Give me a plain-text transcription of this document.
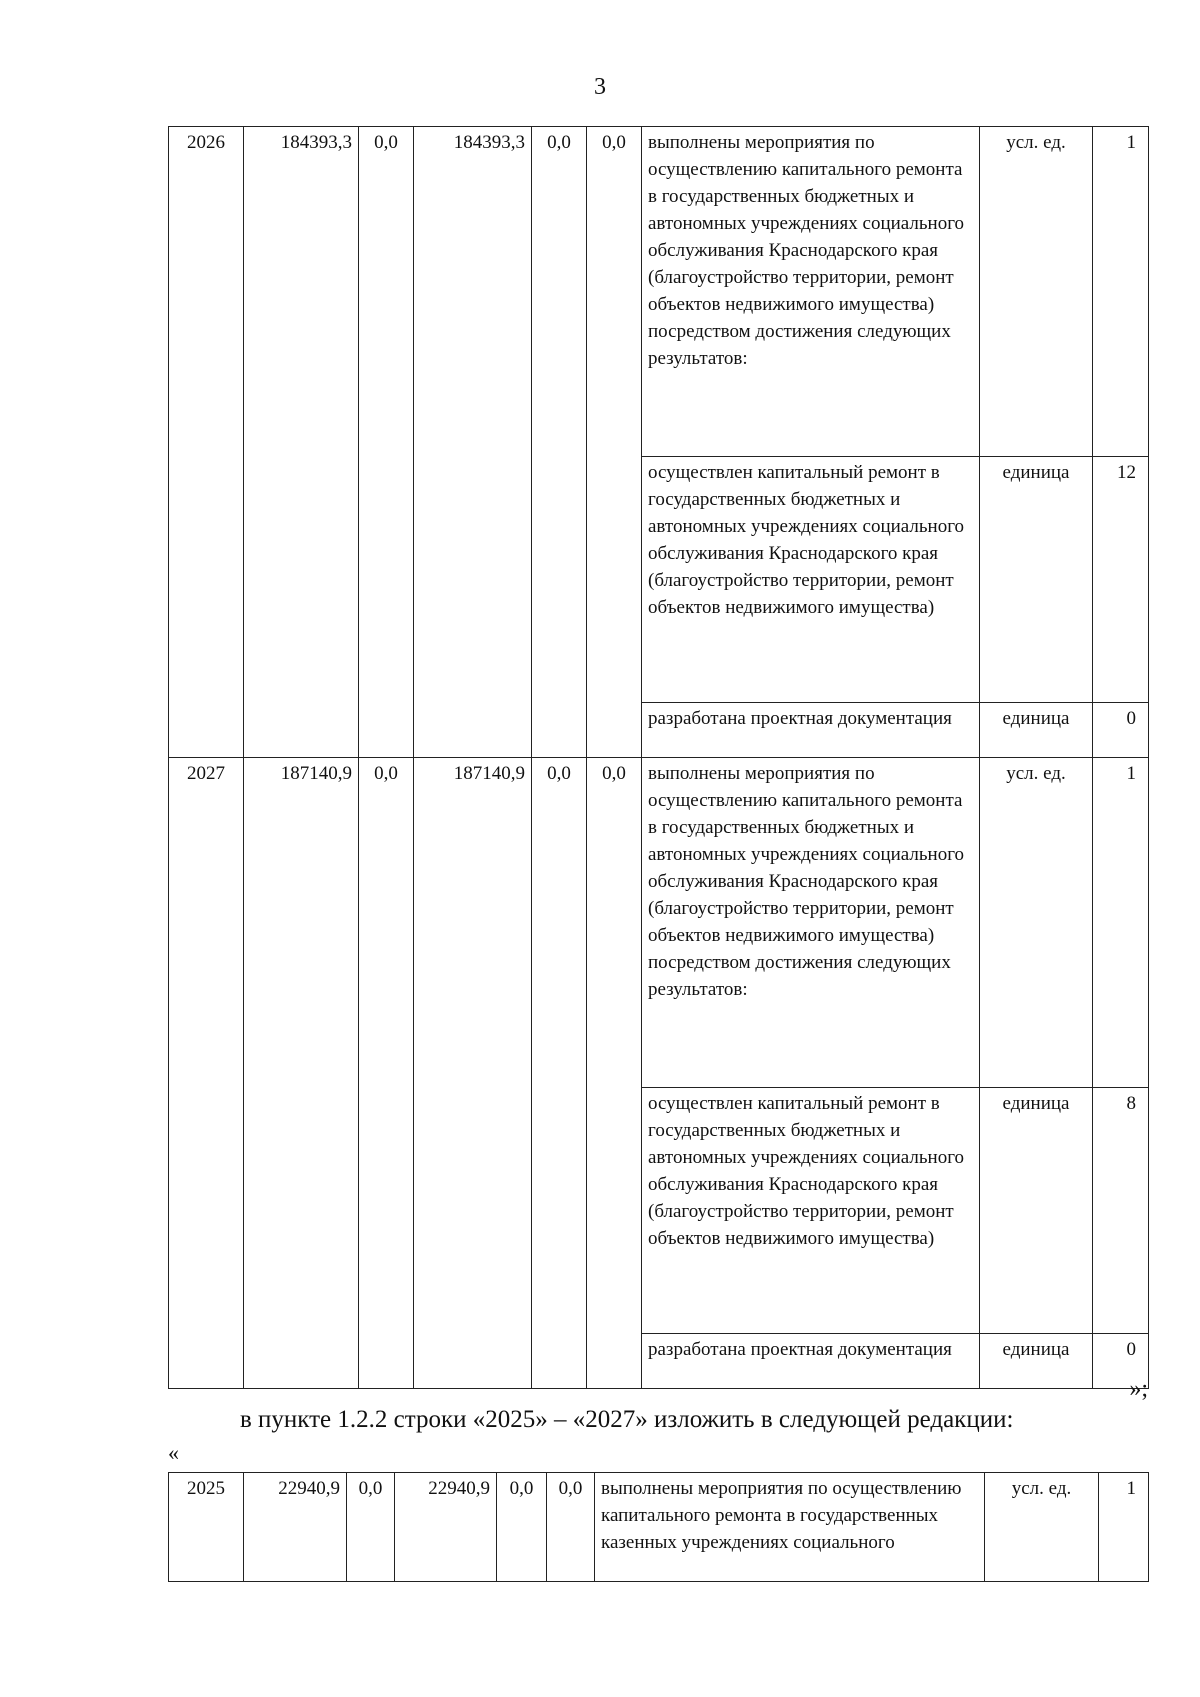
3
2026	184393,3	0,0	184393,3	0,0	0,0	выполнены мероприятия по осуществлению капитального ремонта в государственных бюджетных и автономных учреждениях социального обслуживания Краснодарского края (благоустройство территории, ремонт объектов недвижимого имущества) посредством достижения следующих результатов:	усл. ед.	1
						осуществлен капитальный ремонт в государственных бюджетных и автономных учреждениях социального обслуживания Краснодарского края (благоустройство территории, ремонт объектов недвижимого имущества)	единица	12
						разработана проектная документация	единица	0
2027	187140,9	0,0	187140,9	0,0	0,0	выполнены мероприятия по осуществлению капитального ремонта в государственных бюджетных и автономных учреждениях социального обслуживания Краснодарского края (благоустройство территории, ремонт объектов недвижимого имущества) посредством достижения следующих результатов:	усл. ед.	1
						осуществлен капитальный ремонт в государственных бюджетных и автономных учреждениях социального обслуживания Краснодарского края (благоустройство территории, ремонт объектов недвижимого имущества)	единица	8
						разработана проектная документация	единица	0
»;
в пункте 1.2.2 строки «2025» – «2027» изложить в следующей редакции:
«
2025	22940,9	0,0	22940,9	0,0	0,0	выполнены мероприятия по осуществлению капитального ремонта в государственных казенных учреждениях социального	усл. ед.	1
